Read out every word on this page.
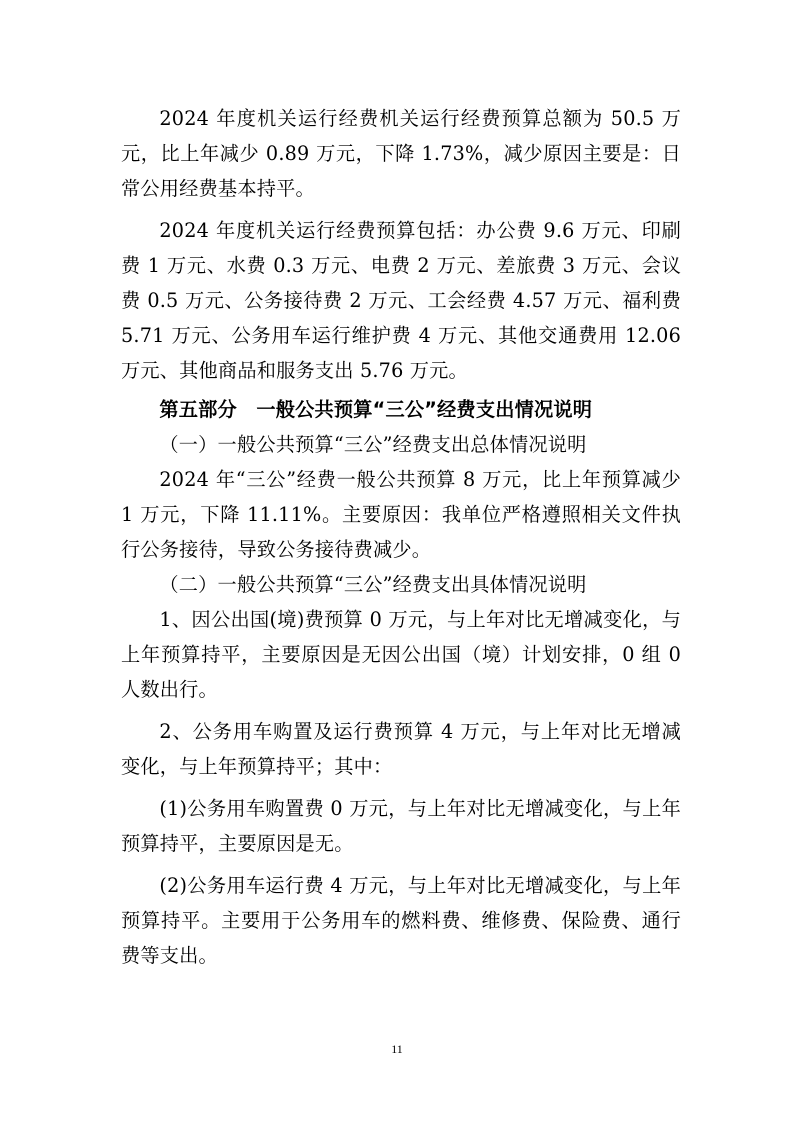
2024 年度机关运行经费机关运行经费预算总额为 50.5 万元，比上年减少 0.89 万元，下降 1.73%，减少原因主要是：日常公用经费基本持平。

2024 年度机关运行经费预算包括：办公费 9.6 万元、印刷费 1 万元、水费 0.3 万元、电费 2 万元、差旅费 3 万元、会议费 0.5 万元、公务接待费 2 万元、工会经费 4.57 万元、福利费 5.71 万元、公务用车运行维护费 4 万元、其他交通费用 12.06 万元、其他商品和服务支出 5.76 万元。

第五部分　一般公共预算“三公”经费支出情况说明

（一）一般公共预算“三公”经费支出总体情况说明

2024 年“三公”经费一般公共预算 8 万元，比上年预算减少 1 万元，下降 11.11%。主要原因：我单位严格遵照相关文件执行公务接待，导致公务接待费减少。

（二）一般公共预算“三公”经费支出具体情况说明

1、因公出国(境)费预算 0 万元，与上年对比无增减变化，与上年预算持平，主要原因是无因公出国（境）计划安排，0 组 0 人数出行。

2、公务用车购置及运行费预算 4 万元，与上年对比无增减变化，与上年预算持平；其中：

(1)公务用车购置费 0 万元，与上年对比无增减变化，与上年预算持平，主要原因是无。

(2)公务用车运行费 4 万元，与上年对比无增减变化，与上年预算持平。主要用于公务用车的燃料费、维修费、保险费、通行费等支出。

11
